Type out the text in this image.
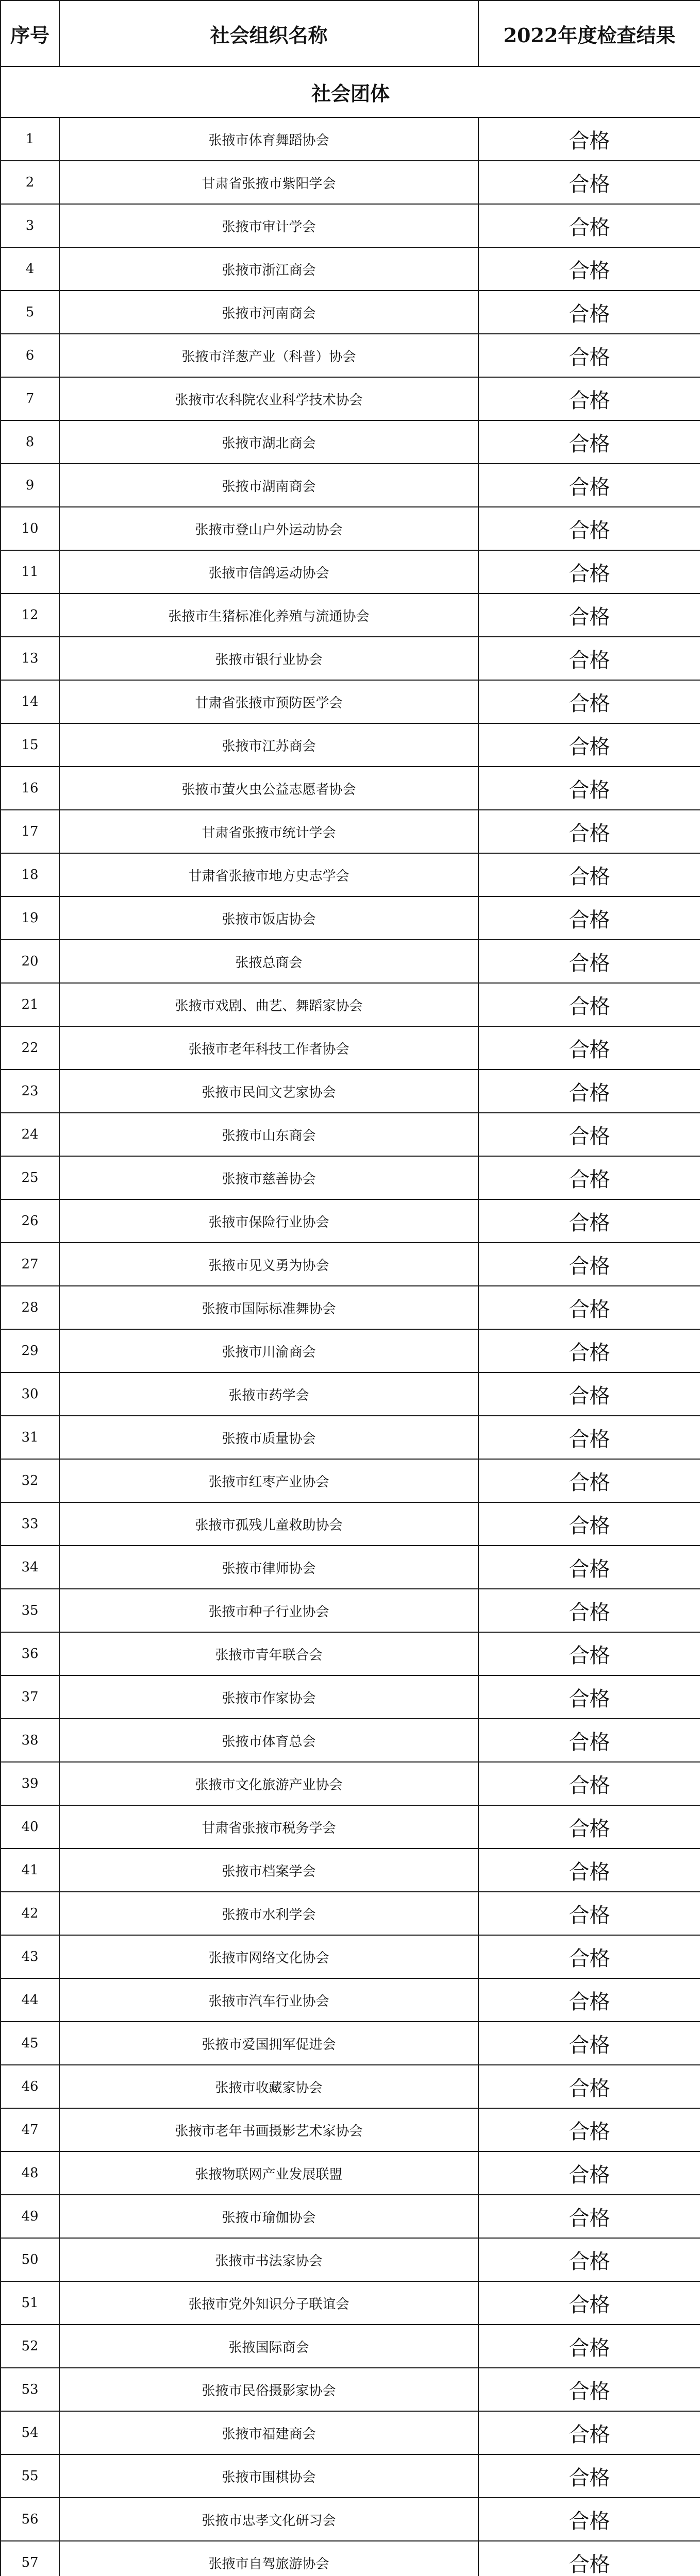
序号	社会组织名称	2022年度检查结果
社会团体		
1	张掖市体育舞蹈协会	合格
2	甘肃省张掖市紫阳学会	合格
3	张掖市审计学会	合格
4	张掖市浙江商会	合格
5	张掖市河南商会	合格
6	张掖市洋葱产业（科普）协会	合格
7	张掖市农科院农业科学技术协会	合格
8	张掖市湖北商会	合格
9	张掖市湖南商会	合格
10	张掖市登山户外运动协会	合格
11	张掖市信鸽运动协会	合格
12	张掖市生猪标准化养殖与流通协会	合格
13	张掖市银行业协会	合格
14	甘肃省张掖市预防医学会	合格
15	张掖市江苏商会	合格
16	张掖市萤火虫公益志愿者协会	合格
17	甘肃省张掖市统计学会	合格
18	甘肃省张掖市地方史志学会	合格
19	张掖市饭店协会	合格
20	张掖总商会	合格
21	张掖市戏剧、曲艺、舞蹈家协会	合格
22	张掖市老年科技工作者协会	合格
23	张掖市民间文艺家协会	合格
24	张掖市山东商会	合格
25	张掖市慈善协会	合格
26	张掖市保险行业协会	合格
27	张掖市见义勇为协会	合格
28	张掖市国际标准舞协会	合格
29	张掖市川渝商会	合格
30	张掖市药学会	合格
31	张掖市质量协会	合格
32	张掖市红枣产业协会	合格
33	张掖市孤残儿童救助协会	合格
34	张掖市律师协会	合格
35	张掖市种子行业协会	合格
36	张掖市青年联合会	合格
37	张掖市作家协会	合格
38	张掖市体育总会	合格
39	张掖市文化旅游产业协会	合格
40	甘肃省张掖市税务学会	合格
41	张掖市档案学会	合格
42	张掖市水利学会	合格
43	张掖市网络文化协会	合格
44	张掖市汽车行业协会	合格
45	张掖市爱国拥军促进会	合格
46	张掖市收藏家协会	合格
47	张掖市老年书画摄影艺术家协会	合格
48	张掖物联网产业发展联盟	合格
49	张掖市瑜伽协会	合格
50	张掖市书法家协会	合格
51	张掖市党外知识分子联谊会	合格
52	张掖国际商会	合格
53	张掖市民俗摄影家协会	合格
54	张掖市福建商会	合格
55	张掖市围棋协会	合格
56	张掖市忠孝文化研习会	合格
57	张掖市自驾旅游协会	合格
